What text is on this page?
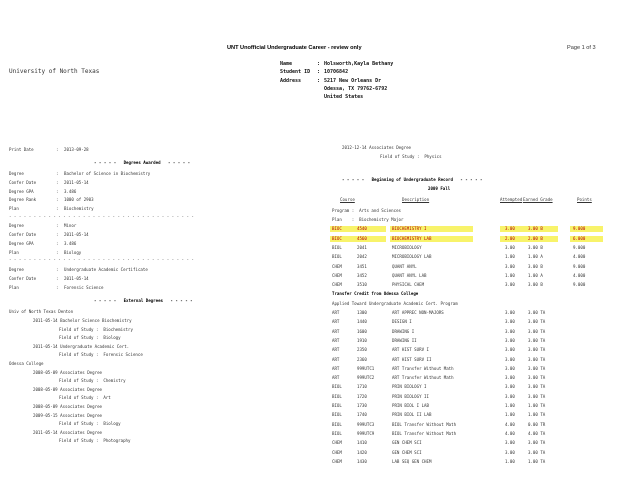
UNT Unofficial Undergraduate Career - review only	Page 1 of 3
University of North Texas
Name	: Holsworth,Kayla Bethany
Student ID : 10706842
Address	: 5217 New Orleans Dr
Odessa, TX 79762-6792
United States
Print Date	: 2013-09-28
- - - - -   Degrees Awarded   - - - - -
Degree	: Bachelor of Science in Biochemistry
Confer Date	: 2011-05-14
Degree GPA	: 3.486
Degree Rank	: 1000 of 2903
Plan	: Biochemistry
- - - - - - - - - - - - - - - - - - - - - - - - - - - - - - - - - - - - - -
Degree	: Minor
Confer Date	: 2011-05-14
Degree GPA	: 3.486
Plan	: Biology
- - - - - - - - - - - - - - - - - - - - - - - - - - - - - - - - - - - - - -
Degree	: Undergraduate Academic Certificate
Confer Date	: 2011-05-14
Plan	: Forensic Science
- - - - -   External Degrees   - - - - -
Univ of North Texas Denton
2011-05-14 Bachelor Science Biochemistry
Field of Study :  Biochemistry
Field of Study :  Biology
2011-05-14 Undergraduate Academic Cert.
Field of Study :  Forensic Science
Odessa College
2008-05-09 Associates Degree
Field of Study :  Chemistry
2008-05-09 Associates Degree
Field of Study :  Art
2008-05-09 Associates Degree
2009-05-15 Associates Degree
Field of Study :  Biology
2011-05-14 Associates Degree
Field of Study :  Photography
2012-12-14 Associates Degree
Field of Study :  Physics
- - - - -   Beginning of Undergraduate Record   - - - - -
2009 Fall
Course	Description	Attempted Earned Grade	Points
Program :  Arts and Sciences
Plan    :  Biochemistry Major
BIOC	4540	BIOCHEMISTRY I	3.00	3.00 B	9.000
BIOC	4560	BIOCHEMISTRY LAB	2.00	2.00 B	6.000
BIOL	2041	MICROBIOLOGY	3.00	3.00 B	9.000
BIOL	2042	MICROBIOLOGY LAB	1.00	1.00 A	4.000
CHEM	3451	QUANT ANYL	3.00	3.00 B	9.000
CHEM	3452	QUANT ANYL LAB	1.00	1.00 A	4.000
CHEM	3510	PHYSICAL CHEM	3.00	3.00 B	9.000
Transfer Credit from Odessa College
Applied Toward Undergraduate Academic Cert. Program
ART	1300	ART APPREC NON-MAJORS	3.00	3.00 TA
ART	1440	DESIGN I	3.00	3.00 TA
ART	1600	DRAWING I	3.00	3.00 TA
ART	1910	DRAWING II	3.00	3.00 TA
ART	2350	ART HIST SURV I	3.00	3.00 TA
ART	2360	ART HIST SURV II	3.00	3.00 TA
ART	999UTC1	ART Transfer Without Math	3.00	3.00 TA
ART	999UTC2	ART Transfer Without Math	3.00	3.00 TA
BIOL	1710	PRIN BIOLOGY I	3.00	3.00 TA
BIOL	1720	PRIN BIOLOGY II	3.00	3.00 TA
BIOL	1730	PRIN BIOL I LAB	1.00	1.00 TA
BIOL	1740	PRIN BIOL II LAB	1.00	1.00 TA
BIOL	999UTC3	BIOL Transfer Without Math	4.00	0.00 TR
BIOL	999UTC9	BIOL Transfer Without Math	4.00	4.00 TA
CHEM	1410	GEN CHEM SCI	3.00	3.00 TA
CHEM	1420	GEN CHEM SCI	3.00	3.00 TA
CHEM	1430	LAB SEQ GEN CHEM	1.00	1.00 TA
